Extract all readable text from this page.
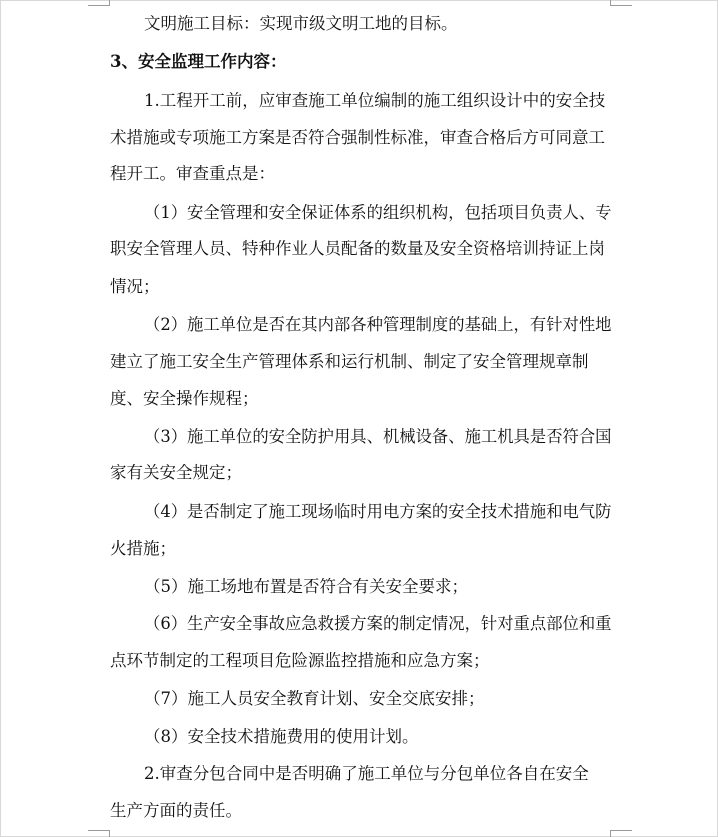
文明施工目标：实现市级文明工地的目标。
3、安全监理工作内容：
1.工程开工前，应审查施工单位编制的施工组织设计中的安全技
术措施或专项施工方案是否符合强制性标准，审查合格后方可同意工
程开工。审查重点是：
（1）安全管理和安全保证体系的组织机构，包括项目负责人、专
职安全管理人员、特种作业人员配备的数量及安全资格培训持证上岗
情况；
（2）施工单位是否在其内部各种管理制度的基础上，有针对性地
建立了施工安全生产管理体系和运行机制、制定了安全管理规章制
度、安全操作规程；
（3）施工单位的安全防护用具、机械设备、施工机具是否符合国
家有关安全规定；
（4）是否制定了施工现场临时用电方案的安全技术措施和电气防
火措施；
（5）施工场地布置是否符合有关安全要求；
（6）生产安全事故应急救援方案的制定情况，针对重点部位和重
点环节制定的工程项目危险源监控措施和应急方案；
（7）施工人员安全教育计划、安全交底安排；
（8）安全技术措施费用的使用计划。
2.审查分包合同中是否明确了施工单位与分包单位各自在安全
生产方面的责任。
